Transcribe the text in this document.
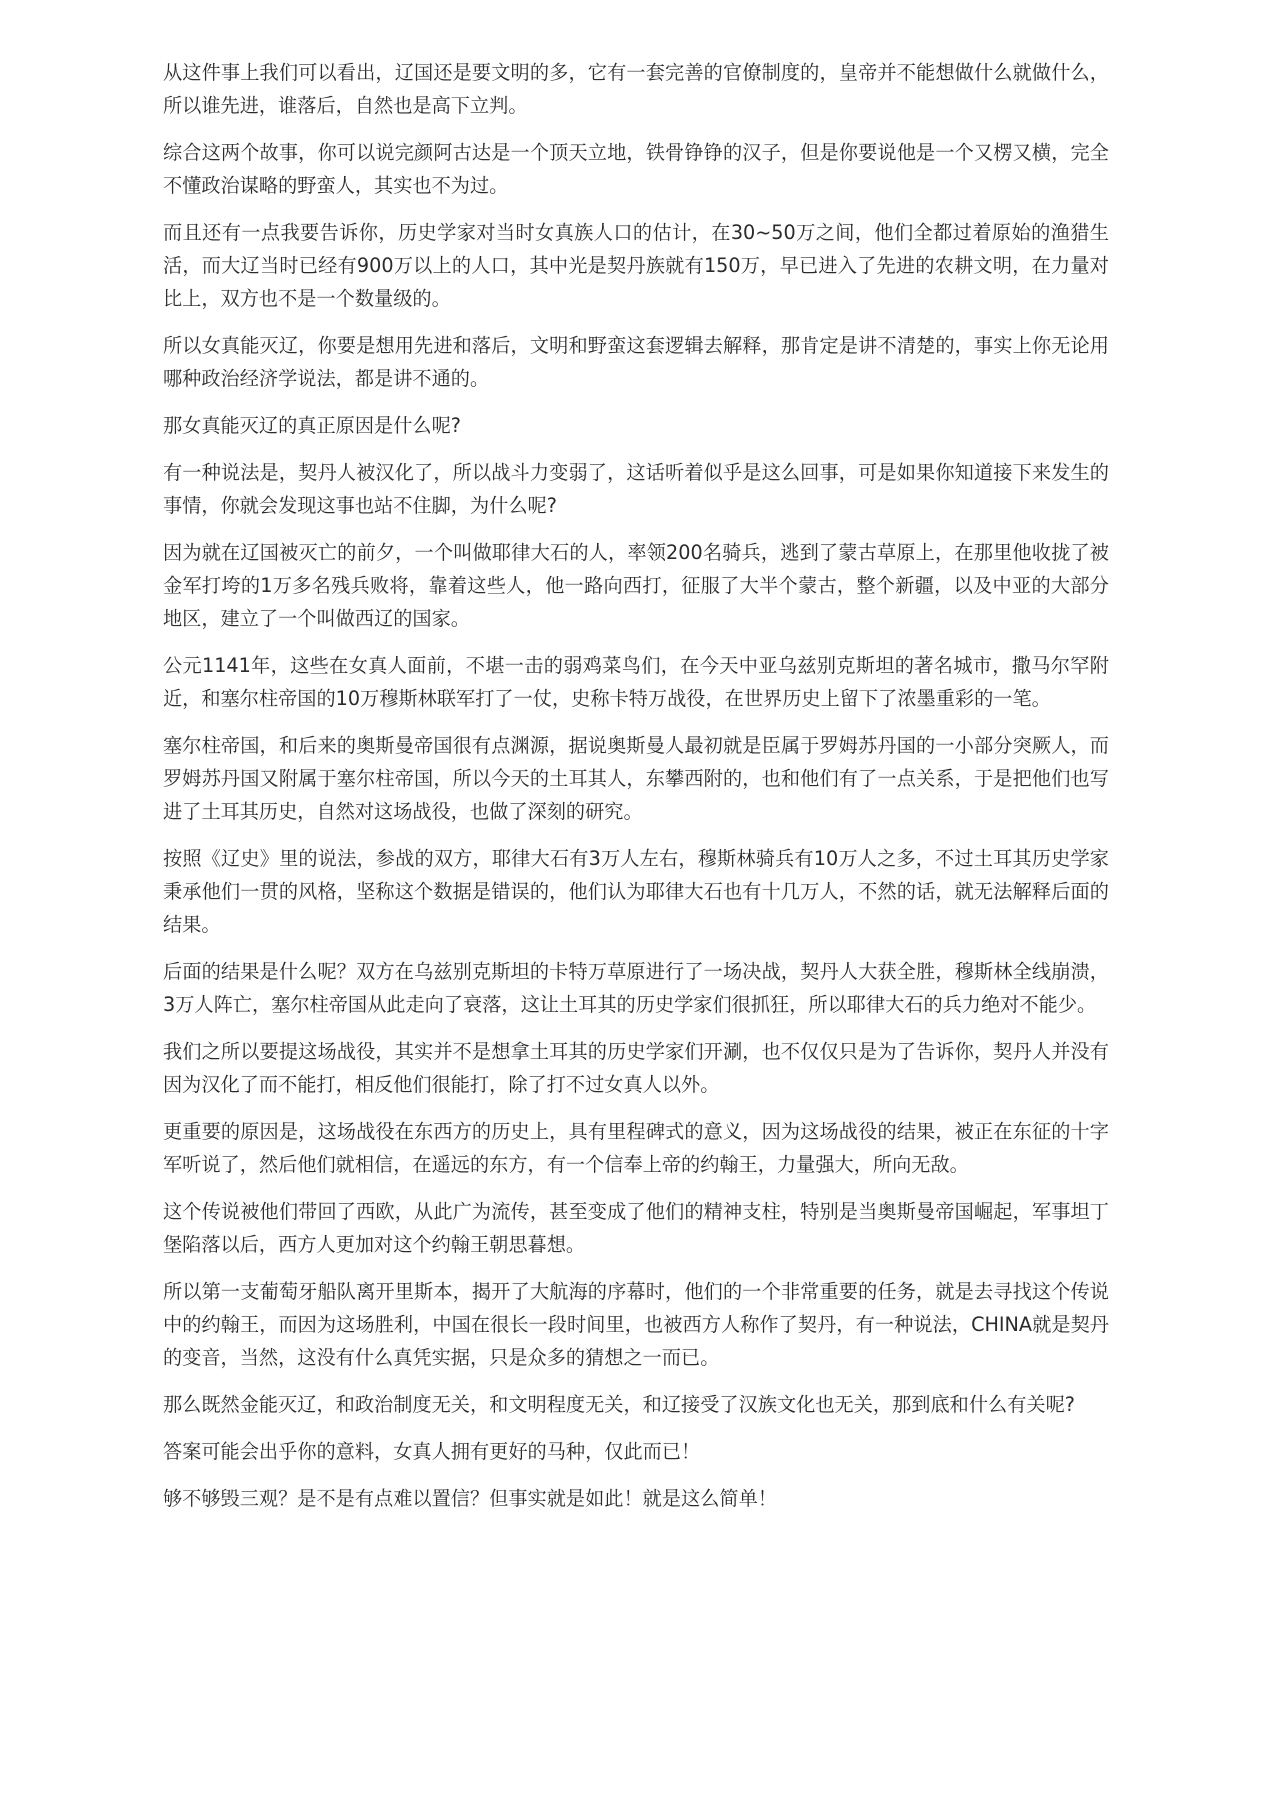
从这件事上我们可以看出，辽国还是要文明的多，它有一套完善的官僚制度的，皇帝并不能想做什么就做什么，所以谁先进，谁落后，自然也是高下立判。

综合这两个故事，你可以说完颜阿古达是一个顶天立地，铁骨铮铮的汉子，但是你要说他是一个又楞又横，完全不懂政治谋略的野蛮人，其实也不为过。

而且还有一点我要告诉你，历史学家对当时女真族人口的估计，在30~50万之间，他们全都过着原始的渔猎生活，而大辽当时已经有900万以上的人口，其中光是契丹族就有150万，早已进入了先进的农耕文明，在力量对比上，双方也不是一个数量级的。

所以女真能灭辽，你要是想用先进和落后，文明和野蛮这套逻辑去解释，那肯定是讲不清楚的，事实上你无论用哪种政治经济学说法，都是讲不通的。

那女真能灭辽的真正原因是什么呢?

有一种说法是，契丹人被汉化了，所以战斗力变弱了，这话听着似乎是这么回事，可是如果你知道接下来发生的事情，你就会发现这事也站不住脚，为什么呢?

因为就在辽国被灭亡的前夕，一个叫做耶律大石的人，率领200名骑兵，逃到了蒙古草原上，在那里他收拢了被金军打垮的1万多名残兵败将，靠着这些人，他一路向西打，征服了大半个蒙古，整个新疆，以及中亚的大部分地区，建立了一个叫做西辽的国家。

公元1141年，这些在女真人面前，不堪一击的弱鸡菜鸟们，在今天中亚乌兹别克斯坦的著名城市，撒马尔罕附近，和塞尔柱帝国的10万穆斯林联军打了一仗，史称卡特万战役，在世界历史上留下了浓墨重彩的一笔。

塞尔柱帝国，和后来的奥斯曼帝国很有点渊源，据说奥斯曼人最初就是臣属于罗姆苏丹国的一小部分突厥人，而罗姆苏丹国又附属于塞尔柱帝国，所以今天的土耳其人，东攀西附的，也和他们有了一点关系，于是把他们也写进了土耳其历史，自然对这场战役，也做了深刻的研究。

按照《辽史》里的说法，参战的双方，耶律大石有3万人左右，穆斯林骑兵有10万人之多，不过土耳其历史学家秉承他们一贯的风格，坚称这个数据是错误的，他们认为耶律大石也有十几万人，不然的话，就无法解释后面的结果。

后面的结果是什么呢？双方在乌兹别克斯坦的卡特万草原进行了一场决战，契丹人大获全胜，穆斯林全线崩溃，3万人阵亡，塞尔柱帝国从此走向了衰落，这让土耳其的历史学家们很抓狂，所以耶律大石的兵力绝对不能少。

我们之所以要提这场战役，其实并不是想拿土耳其的历史学家们开涮，也不仅仅只是为了告诉你，契丹人并没有因为汉化了而不能打，相反他们很能打，除了打不过女真人以外。

更重要的原因是，这场战役在东西方的历史上，具有里程碑式的意义，因为这场战役的结果，被正在东征的十字军听说了，然后他们就相信，在遥远的东方，有一个信奉上帝的约翰王，力量强大，所向无敌。

这个传说被他们带回了西欧，从此广为流传，甚至变成了他们的精神支柱，特别是当奥斯曼帝国崛起，军事坦丁堡陷落以后，西方人更加对这个约翰王朝思暮想。

所以第一支葡萄牙船队离开里斯本，揭开了大航海的序幕时，他们的一个非常重要的任务，就是去寻找这个传说中的约翰王，而因为这场胜利，中国在很长一段时间里，也被西方人称作了契丹，有一种说法，CHINA就是契丹的变音，当然，这没有什么真凭实据，只是众多的猜想之一而已。

那么既然金能灭辽，和政治制度无关，和文明程度无关，和辽接受了汉族文化也无关，那到底和什么有关呢?

答案可能会出乎你的意料，女真人拥有更好的马种，仅此而已！

够不够毁三观？是不是有点难以置信？但事实就是如此！就是这么简单！
